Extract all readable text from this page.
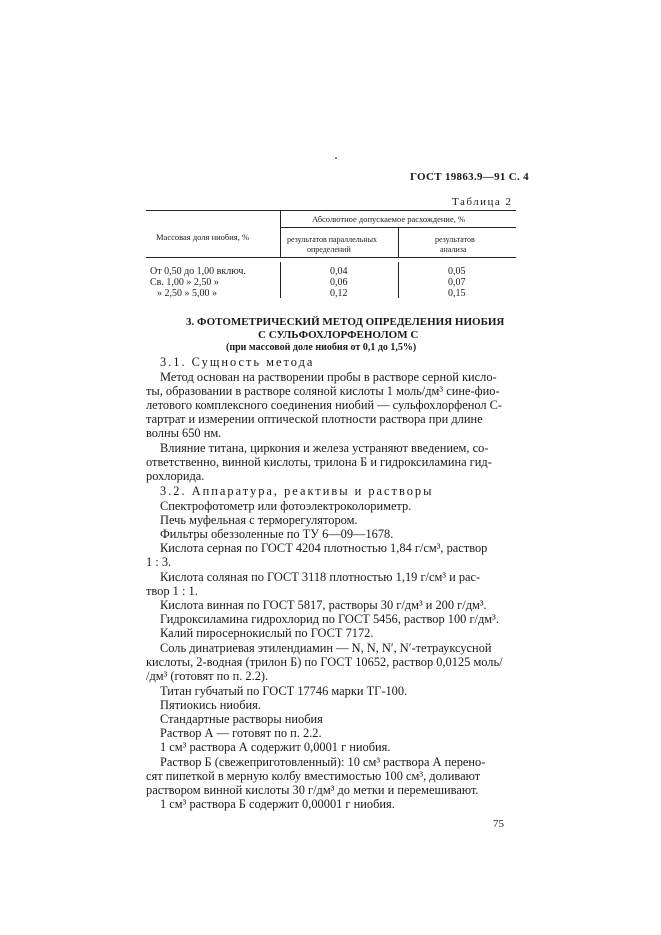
ГОСТ 19863.9—91 С. 4
Таблица 2
Массовая доля ниобия, %
Абсолютное допускаемое расхождение, %
результатов параллельных
определений
результатов
анализа
От 0,50 до 1,00 включ.	0,04	0,05
Св. 1,00 » 2,50 »	0,06	0,07
» 2,50 » 5,00 »	0,12	0,15
3. ФОТОМЕТРИЧЕСКИЙ МЕТОД ОПРЕДЕЛЕНИЯ НИОБИЯ
С СУЛЬФОХЛОРФЕНОЛОМ С
(при массовой доле ниобия от 0,1 до 1,5%)
3.1. Сущность метода
Метод основан на растворении пробы в растворе серной кисло-
ты, образовании в растворе соляной кислоты 1 моль/дм³ сине-фио-
летового комплексного соединения ниобий — сульфохлорфенол С-
тартрат и измерении оптической плотности раствора при длине
волны 650 нм.
Влияние титана, циркония и железа устраняют введением, со-
ответственно, винной кислоты, трилона Б и гидроксиламина гид-
рохлорида.
3.2. Аппаратура, реактивы и растворы
Спектрофотометр или фотоэлектроколориметр.
Печь муфельная с терморегулятором.
Фильтры обеззоленные по ТУ 6—09—1678.
Кислота серная по ГОСТ 4204 плотностью 1,84 г/см³, раствор
1 : 3.
Кислота соляная по ГОСТ 3118 плотностью 1,19 г/см³ и рас-
твор 1 : 1.
Кислота винная по ГОСТ 5817, растворы 30 г/дм³ и 200 г/дм³.
Гидроксиламина гидрохлорид по ГОСТ 5456, раствор 100 г/дм³.
Калий пиросернокислый по ГОСТ 7172.
Соль динатриевая этилендиамин — N, N, N′, N′-тетрауксусной
кислоты, 2-водная (трилон Б) по ГОСТ 10652, раствор 0,0125 моль/
/дм³ (готовят по п. 2.2).
Титан губчатый по ГОСТ 17746 марки ТГ-100.
Пятиокись ниобия.
Стандартные растворы ниобия
Раствор А — готовят по п. 2.2.
1 см³ раствора А содержит 0,0001 г ниобия.
Раствор Б (свежеприготовленный): 10 см³ раствора А перено-
сят пипеткой в мерную колбу вместимостью 100 см³, доливают
раствором винной кислоты 30 г/дм³ до метки и перемешивают.
1 см³ раствора Б содержит 0,00001 г ниобия.
75
